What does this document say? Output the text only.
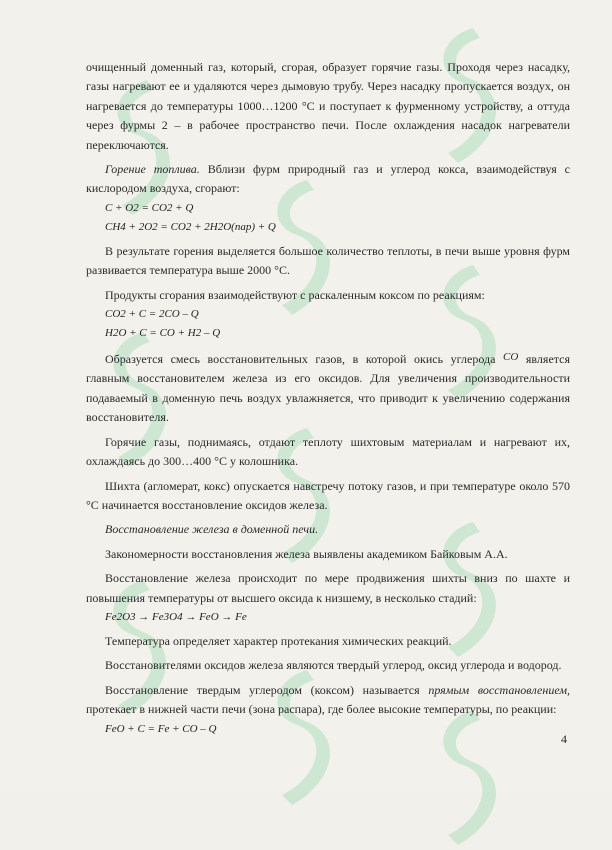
очищенный доменный газ, который, сгорая, образует горячие газы. Проходя через насадку, газы нагревают ее и удаляются через дымовую трубу. Через насадку пропускается воздух, он нагревается до температуры 1000…1200 °С и поступает к фурменному устройству, а оттуда через фурмы 2 – в рабочее пространство печи. После охлаждения насадок нагреватели переключаются.

Горение топлива. Вблизи фурм природный газ и углерод кокса, взаимодействуя с кислородом воздуха, сгорают:

C + O2 = CO2 + Q

CH4 + 2O2 = CO2 + 2H2O(пар) + Q

В результате горения выделяется большое количество теплоты, в печи выше уровня фурм развивается температура выше 2000 °С.

Продукты сгорания взаимодействуют с раскаленным коксом по реакциям:

CO2 + C = 2CO – Q

H2O + C = CO + H2 – Q

Образуется смесь восстановительных газов, в которой окись углерода CO является главным восстановителем железа из его оксидов. Для увеличения производительности подаваемый в доменную печь воздух увлажняется, что приводит к увеличению содержания восстановителя.

Горячие газы, поднимаясь, отдают теплоту шихтовым материалам и нагревают их, охлаждаясь до 300…400 °С у колошника.

Шихта (агломерат, кокс) опускается навстречу потоку газов, и при температуре около 570 °С начинается восстановление оксидов железа.

Восстановление железа в доменной печи.

Закономерности восстановления железа выявлены академиком Байковым А.А.

Восстановление железа происходит по мере продвижения шихты вниз по шахте и повышения температуры от высшего оксида к низшему, в несколько стадий:

Fe2O3 → Fe3O4 → FeO → Fe

Температура определяет характер протекания химических реакций.

Восстановителями оксидов железа являются твердый углерод, оксид углерода и водород.

Восстановление твердым углеродом (коксом) называется прямым восстановлением, протекает в нижней части печи (зона распара), где более высокие температуры, по реакции:

FeO + C = Fe + CO – Q

4
